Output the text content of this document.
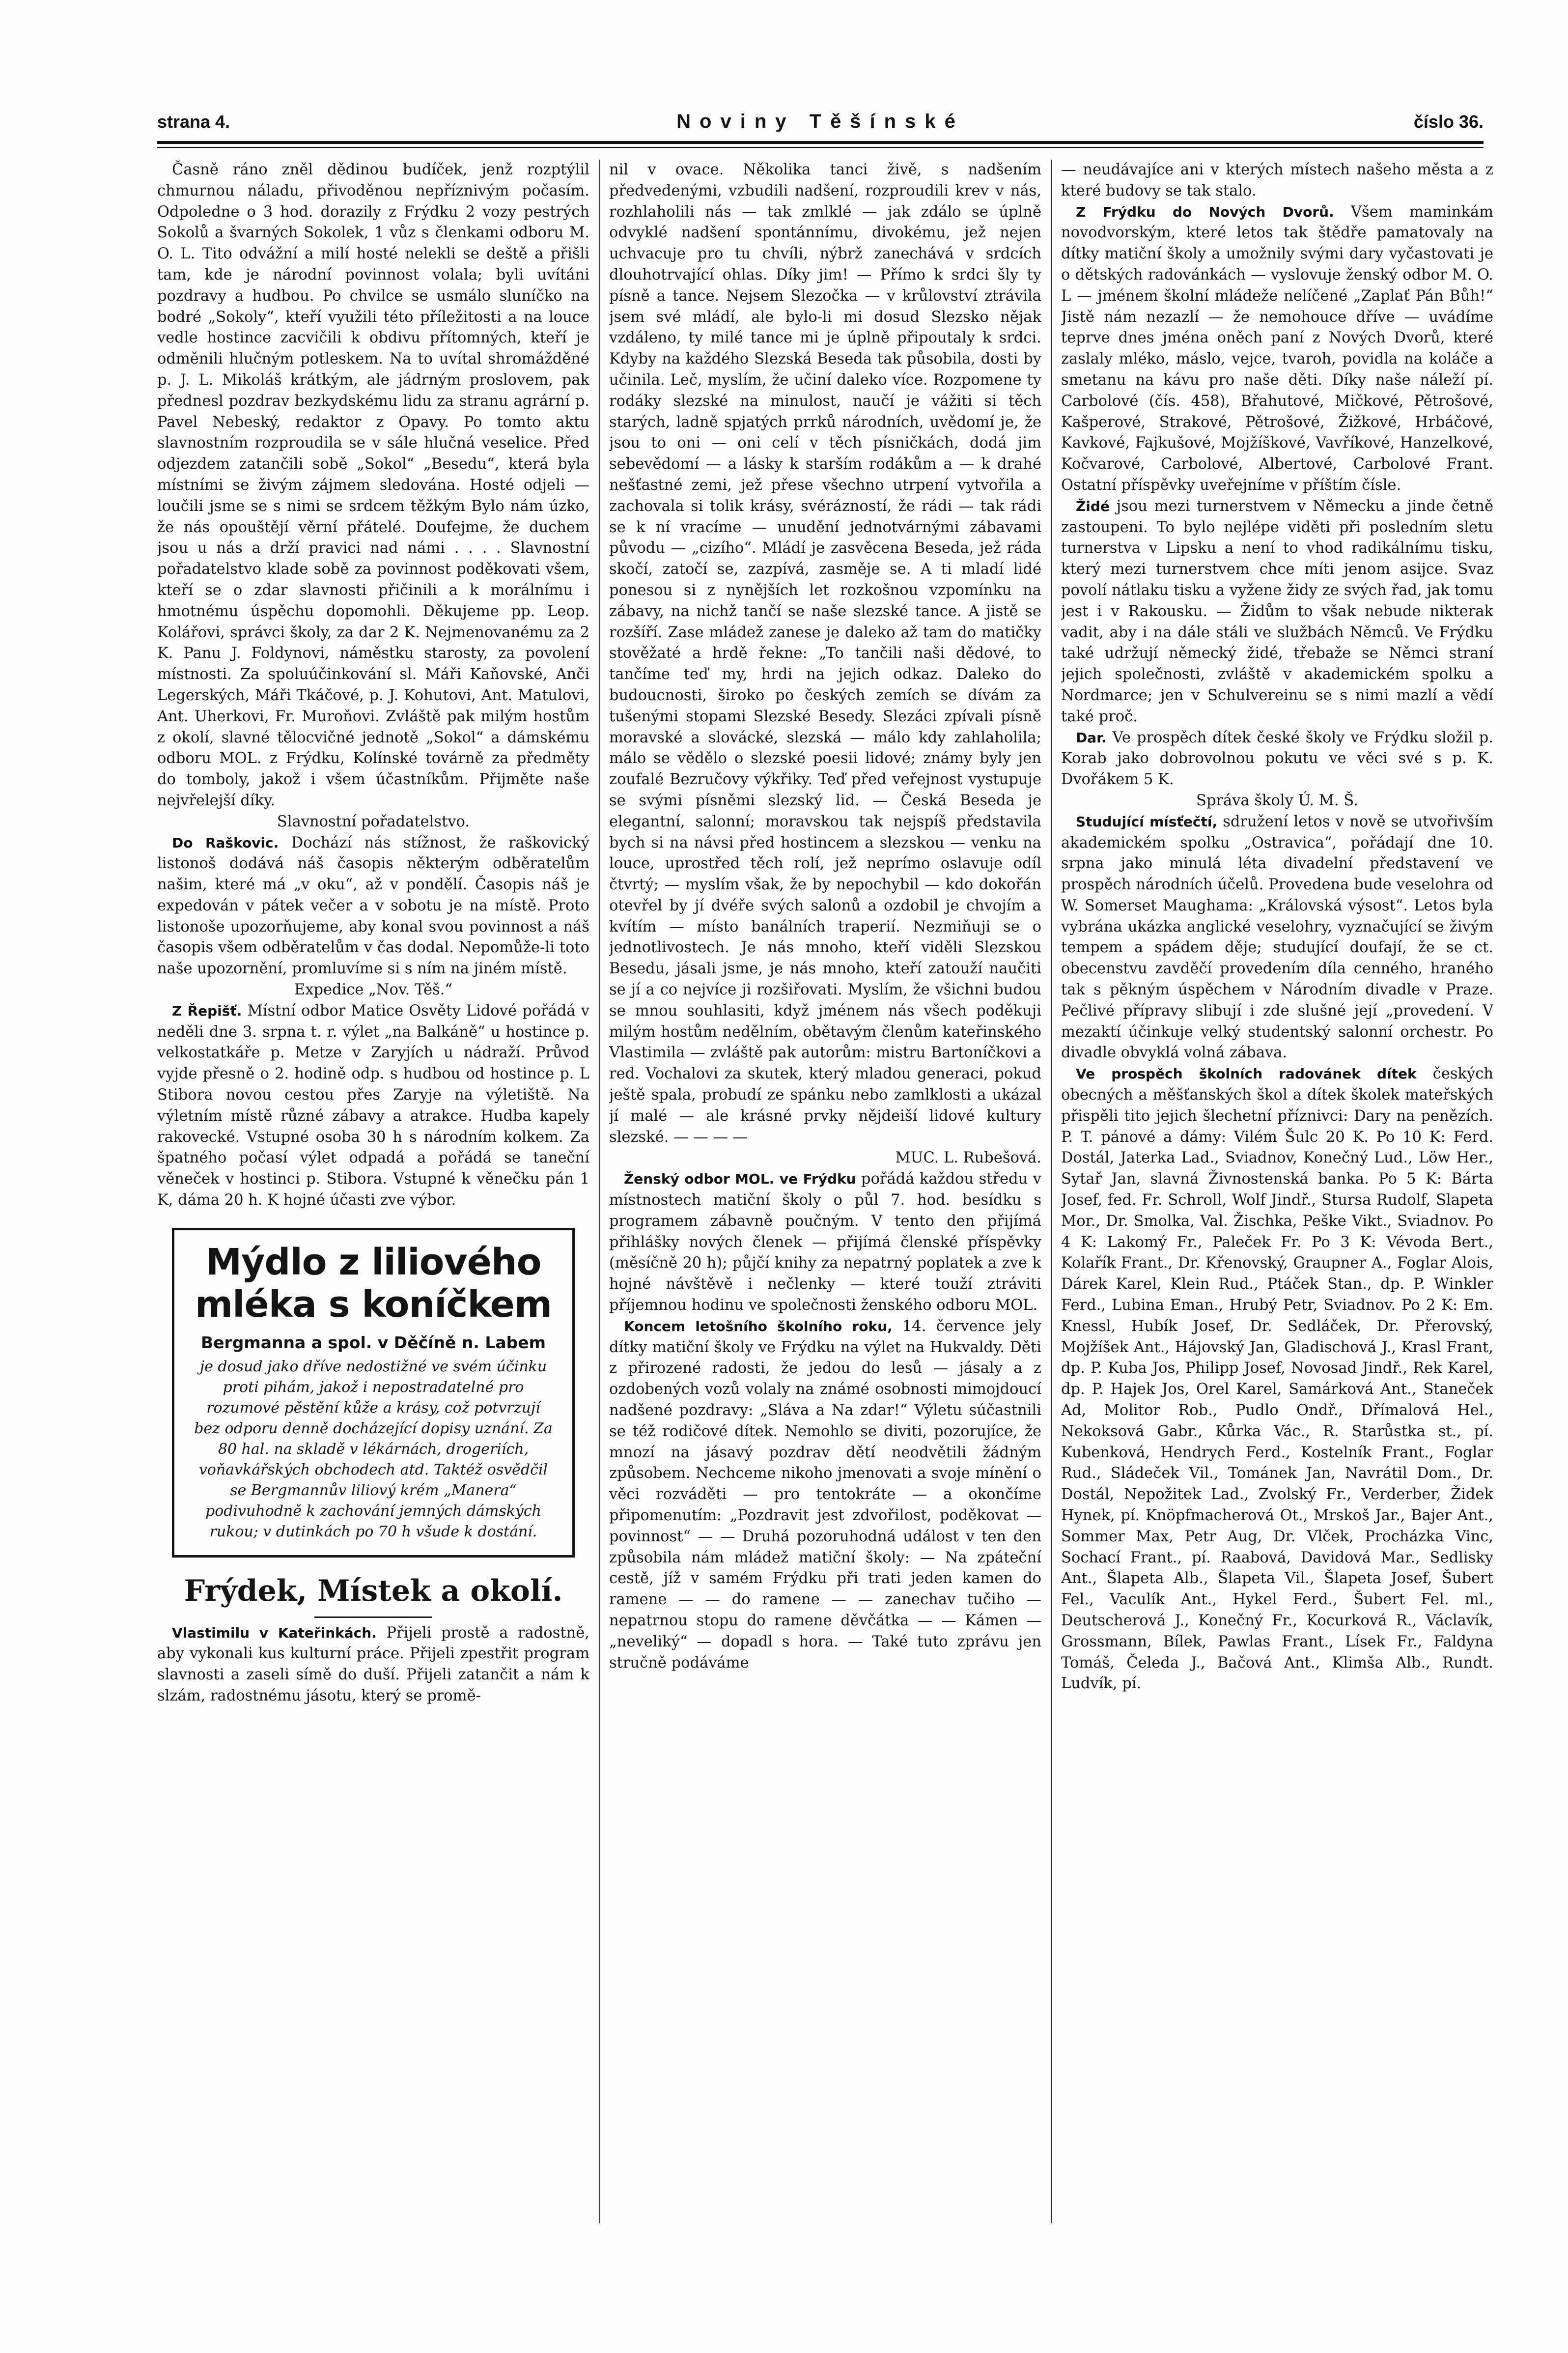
strana 4.	Noviny Těšínské	číslo 36.

Časně ráno zněl dědinou budíček, jenž rozptýlil chmurnou náladu, přivoděnou nepříznivým počasím. Odpoledne o 3 hod. dorazily z Frýdku 2 vozy pestrých Sokolů a švarných Sokolek, 1 vůz s členkami odboru M. O. L. Tito odvážní a milí hosté nelekli se deště a přišli tam, kde je národní povinnost volala; byli uvítáni pozdravy a hudbou. Po chvilce se usmálo sluníčko na bodré „Sokoly“, kteří využili této příležitosti a na louce vedle hostince zacvičili k obdivu přítomných, kteří je odměnili hlučným potleskem. Na to uvítal shromážděné p. J. L. Mikoláš krátkým, ale jádrným proslovem, pak přednesl pozdrav bezkydskému lidu za stranu agrární p. Pavel Nebeský, redaktor z Opavy. Po tomto aktu slavnostním rozproudila se v sále hlučná veselice. Před odjezdem zatančili sobě „Sokol“ „Besedu“, která byla místními se živým zájmem sledována. Hosté odjeli — loučili jsme se s nimi se srdcem těžkým Bylo nám úzko, že nás opouštějí věrní přátelé. Doufejme, že duchem jsou u nás a drží pravici nad námi . . . . Slavnostní pořadatelstvo klade sobě za povinnost poděkovati všem, kteří se o zdar slavnosti přičinili a k morálnímu i hmotnému úspěchu dopomohli. Děkujeme pp. Leop. Kolářovi, správci školy, za dar 2 K. Nejmenovanému za 2 K. Panu J. Foldynovi, náměstku starosty, za povolení místnosti. Za spoluúčinkování sl. Máři Kaňovské, Anči Legerských, Máři Tkáčové, p. J. Kohutovi, Ant. Matulovi, Ant. Uherkovi, Fr. Muroňovi. Zvláště pak milým hostům z okolí, slavné tělocvičné jednotě „Sokol“ a dámskému odboru MOL. z Frýdku, Kolínské továrně za předměty do tomboly, jakož i všem účastníkům. Přijměte naše nejvřelejší díky.

Slavnostní pořadatelstvo.

Do Raškovic. Dochází nás stížnost, že raškovický listonoš dodává náš časopis některým odběratelům našim, které má „v oku“, až v pondělí. Časopis náš je expedován v pátek večer a v sobotu je na místě. Proto listonoše upozorňujeme, aby konal svou povinnost a náš časopis všem odběratelům v čas dodal. Nepomůže-li toto naše upozornění, promluvíme si s ním na jiném místě.

Expedice „Nov. Těš.“

Z Řepišť. Místní odbor Matice Osvěty Lidové pořádá v neděli dne 3. srpna t. r. výlet „na Balkáně“ u hostince p. velkostatkáře p. Metze v Zaryjích u nádraží. Průvod vyjde přesně o 2. hodině odp. s hudbou od hostince p. L Stibora novou cestou přes Zaryje na výletiště. Na výletním místě různé zábavy a atrakce. Hudba kapely rakovecké. Vstupné osoba 30 h s národním kolkem. Za špatného počasí výlet odpadá a pořádá se taneční věneček v hostinci p. Stibora. Vstupné k věnečku pán 1 K, dáma 20 h. K hojné účasti zve výbor.

Mýdlo z liliového mléka s koníčkem
Bergmanna a spol. v Děčíně n. Labem
je dosud jako dříve nedostižné ve svém účinku proti pihám, jakož i nepostradatelné pro rozumové pěstění kůže a krásy, což potvrzují bez odporu denně docházející dopisy uznání. Za 80 hal. na skladě v lékárnách, drogeriích, voňavkářských obchodech atd. Taktéž osvědčil se Bergmannův liliový krém „Manera“ podivuhodně k zachování jemných dámských rukou; v dutinkách po 70 h všude k dostání.
Frýdek, Místek a okolí.

Vlastimilu v Kateřinkách. Přijeli prostě a radostně, aby vykonali kus kulturní práce. Přijeli zpestřit program slavnosti a zaseli símě do duší. Přijeli zatančit a nám k slzám, radostnému jásotu, který se promě-

nil v ovace. Několika tanci živě, s nadšením předvedenými, vzbudili nadšení, rozproudili krev v nás, rozhlaholili nás — tak zmlklé — jak zdálo se úplně odvyklé nadšení spontánnímu, divokému, jež nejen uchvacuje pro tu chvíli, nýbrž zanechává v srdcích dlouhotrvající ohlas. Díky jim! — Přímo k srdci šly ty písně a tance. Nejsem Slezočka — v krůlovství ztrávila jsem své mládí, ale bylo-li mi dosud Slezsko nějak vzdáleno, ty milé tance mi je úplně připoutaly k srdci. Kdyby na každého Slezská Beseda tak působila, dosti by učinila. Leč, myslím, že učiní daleko více. Rozpomene ty rodáky slezské na minulost, naučí je vážiti si těch starých, ladně spjatých prrků národních, uvědomí je, že jsou to oni — oni celí v těch písničkách, dodá jim sebevědomí — a lásky k starším rodákům a — k drahé nešťastné zemi, jež přese všechno utrpení vytvořila a zachovala si tolik krásy, svérázností, že rádi — tak rádi se k ní vracíme — unudění jednotvárnými zábavami původu — „cizího“. Mládí je zasvěcena Beseda, jež ráda skočí, zatočí se, zazpívá, zasměje se. A ti mladí lidé ponesou si z nynějších let rozkošnou vzpomínku na zábavy, na nichž tančí se naše slezské tance. A jistě se rozšíří. Zase mládež zanese je daleko až tam do matičky stověžaté a hrdě řekne: „To tančili naši dědové, to tančíme teď my, hrdi na jejich odkaz. Daleko do budoucnosti, široko po českých zemích se dívám za tušenými stopami Slezské Besedy. Slezáci zpívali písně moravské a slovácké, slezská — málo kdy zahlaholila; málo se vědělo o slezské poesii lidové; známy byly jen zoufalé Bezručovy výkřiky. Teď před veřejnost vystupuje se svými písněmi slezský lid. — Česká Beseda je elegantní, salonní; moravskou tak nejspíš představila bych si na návsi před hostincem a slezskou — venku na louce, uprostřed těch rolí, jež neprímo oslavuje odíl čtvrtý; — myslím však, že by nepochybil — kdo dokořán otevřel by jí dvéře svých salonů a ozdobil je chvojím a kvítím — místo banálních traperií. Nezmiňuji se o jednotlivostech. Je nás mnoho, kteří viděli Slezskou Besedu, jásali jsme, je nás mnoho, kteří zatouží naučiti se jí a co nejvíce ji rozšiřovati. Myslím, že všichni budou se mnou souhlasiti, když jménem nás všech poděkuji milým hostům nedělním, obětavým členům kateřinského Vlastimila — zvláště pak autorům: mistru Bartoníčkovi a red. Vochalovi za skutek, který mladou generaci, pokud ještě spala, probudí ze spánku nebo zamlklosti a ukázal jí malé — ale krásné prvky nějdeiší lidové kultury slezské. — — — —

MUC. L. Rubešová.

Ženský odbor MOL. ve Frýdku pořádá každou středu v místnostech matiční školy o půl 7. hod. besídku s programem zábavně poučným. V tento den přijímá přihlášky nových členek — přijímá členské příspěvky (měsíčně 20 h); půjčí knihy za nepatrný poplatek a zve k hojné návštěvě i nečlenky — které touží ztráviti příjemnou hodinu ve společnosti ženského odboru MOL.

Koncem letošního školního roku, 14. července jely dítky matiční školy ve Frýdku na výlet na Hukvaldy. Děti z přirozené radosti, že jedou do lesů — jásaly a z ozdobených vozů volaly na známé osobnosti mimojdoucí nadšené pozdravy: „Sláva a Na zdar!“ Výletu súčastnili se též rodičové dítek. Nemohlo se diviti, pozorujíce, že mnozí na jásavý pozdrav dětí neodvětili žádným způsobem. Nechceme nikoho jmenovati a svoje mínění o věci rozváděti — pro tentokráte — a okončíme připomenutím: „Pozdravit jest zdvořilost, poděkovat — povinnost“ — — Druhá pozoruhodná událost v ten den způsobila nám mládež matiční školy: — Na zpáteční cestě, jíž v samém Frýdku při trati jeden kamen do ramene — — do ramene — — zanechav tučiho — nepatrnou stopu do ramene děvčátka — — Kámen — „neveliký“ — dopadl s hora. — Také tuto zprávu jen stručně podáváme

— neudávajíce ani v kterých místech našeho města a z které budovy se tak stalo.

Z Frýdku do Nových Dvorů. Všem maminkám novodvorským, které letos tak štědře pamatovaly na dítky matiční školy a umožnily svými dary vyčastovati je o dětských radovánkách — vyslovuje ženský odbor M. O. L — jménem školní mládeže nelíčené „Zaplať Pán Bůh!“ Jistě nám nezazlí — že nemohouce dříve — uvádíme teprve dnes jména oněch paní z Nových Dvorů, které zaslaly mléko, máslo, vejce, tvaroh, povidla na koláče a smetanu na kávu pro naše děti. Díky naše náleží pí. Carbolové (čís. 458), Břahutové, Mičkové, Pětrošové, Kašperové, Strakové, Pětrošové, Žižkové, Hrbáčové, Kavkové, Fajkušové, Mojžíškové, Vavříkové, Hanzelkové, Kočvarové, Carbolové, Albertové, Carbolové Frant. Ostatní příspěvky uveřejníme v příštím čísle.

Židé jsou mezi turnerstvem v Německu a jinde četně zastoupeni. To bylo nejlépe viděti při posledním sletu turnerstva v Lipsku a není to vhod radikálnímu tisku, který mezi turnerstvem chce míti jenom asijce. Svaz povolí nátlaku tisku a vyžene židy ze svých řad, jak tomu jest i v Rakousku. — Židům to však nebude nikterak vadit, aby i na dále stáli ve službách Němců. Ve Frýdku také udržují německý židé, třebaže se Němci straní jejich společnosti, zvláště v akademickém spolku a Nordmarce; jen v Schulvereinu se s nimi mazlí a vědí také proč.

Dar. Ve prospěch dítek české školy ve Frýdku složil p. Korab jako dobrovolnou pokutu ve věci své s p. K. Dvořákem 5 K.

Správa školy Ú. M. Š.

Studující mísťečtí, sdružení letos v nově se utvořivším akademickém spolku „Ostravica“, pořádají dne 10. srpna jako minulá léta divadelní představení ve prospěch národních účelů. Provedena bude veselohra od W. Somerset Maughama: „Královská výsost“. Letos byla vybrána ukázka anglické veselohry, vyznačující se živým tempem a spádem děje; studující doufají, že se ct. obecenstvu zavděčí provedením díla cenného, hraného tak s pěkným úspěchem v Národním divadle v Praze. Pečlivé přípravy slibují i zde slušné její „provedení. V mezaktí účinkuje velký studentský salonní orchestr. Po divadle obvyklá volná zábava.

Ve prospěch školních radovánek dítek českých obecných a měšťanských škol a dítek školek mateřských přispěli tito jejich šlechetní příznivci: Dary na penězích. P. T. pánové a dámy: Vilém Šulc 20 K. Po 10 K: Ferd. Dostál, Jaterka Lad., Sviadnov, Konečný Lud., Löw Her., Sytař Jan, slavná Živnostenská banka. Po 5 K: Bárta Josef, fed. Fr. Schroll, Wolf Jindř., Stursa Rudolf, Slapeta Mor., Dr. Smolka, Val. Žischka, Peške Vikt., Sviadnov. Po 4 K: Lakomý Fr., Paleček Fr. Po 3 K: Vévoda Bert., Kolařík Frant., Dr. Křenovský, Graupner A., Foglar Alois, Dárek Karel, Klein Rud., Ptáček Stan., dp. P. Winkler Ferd., Lubina Eman., Hrubý Petr, Sviadnov. Po 2 K: Em. Knessl, Hubík Josef, Dr. Sedláček, Dr. Přerovský, Mojžíšek Ant., Hájovský Jan, Gladischová J., Krasl Frant, dp. P. Kuba Jos, Philipp Josef, Novosad Jindř., Rek Karel, dp. P. Hajek Jos, Orel Karel, Samárková Ant., Staneček Ad, Molitor Rob., Pudlo Ondř., Dřímalová Hel., Nekoksová Gabr., Kůrka Vác., R. Starůstka st., pí. Kubenková, Hendrych Ferd., Kostelník Frant., Foglar Rud., Sládeček Vil., Tománek Jan, Navrátil Dom., Dr. Dostál, Nepožitek Lad., Zvolský Fr., Verderber, Židek Hynek, pí. Knöpfmacherová Ot., Mrskoš Jar., Bajer Ant., Sommer Max, Petr Aug, Dr. Vlček, Procházka Vinc, Sochací Frant., pí. Raabová, Davidová Mar., Sedlisky Ant., Šlapeta Alb., Šlapeta Vil., Šlapeta Josef, Šubert Fel., Vaculík Ant., Hykel Ferd., Šubert Fel. ml., Deutscherová J., Konečný Fr., Kocurková R., Václavík, Grossmann, Bílek, Pawlas Frant., Lísek Fr., Faldyna Tomáš, Čeleda J., Bačová Ant., Klimša Alb., Rundt. Ludvík, pí.
